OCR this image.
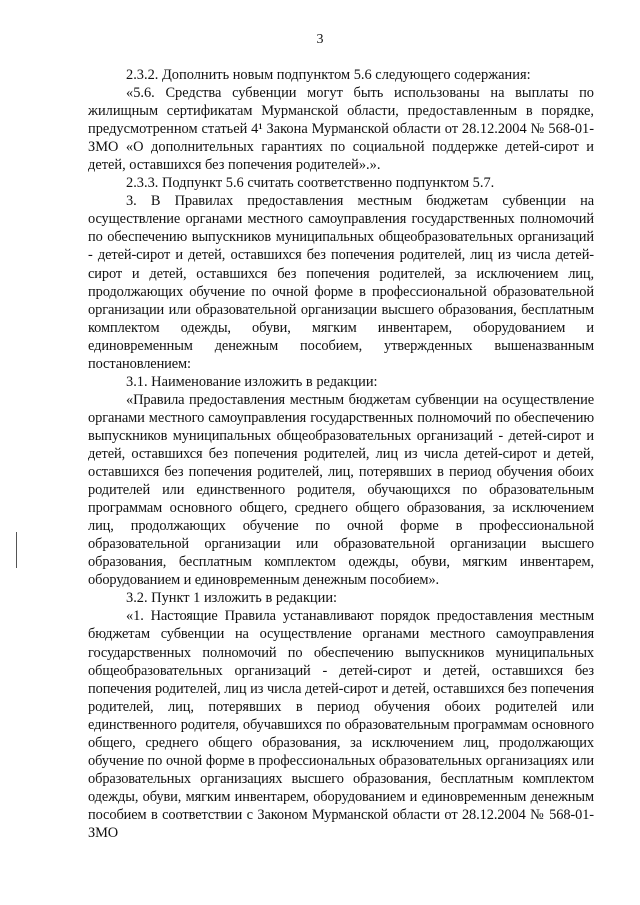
3

2.3.2. Дополнить новым подпунктом 5.6 следующего содержания:

«5.6. Средства субвенции могут быть использованы на выплаты по жилищным сертификатам Мурманской области, предоставленным в порядке, предусмотренном статьей 4¹ Закона Мурманской области от 28.12.2004 № 568-01-ЗМО «О дополнительных гарантиях по социальной поддержке детей-сирот и детей, оставшихся без попечения родителей».».

2.3.3. Подпункт 5.6 считать соответственно подпунктом 5.7.

3. В Правилах предоставления местным бюджетам субвенции на осуществление органами местного самоуправления государственных полномочий по обеспечению выпускников муниципальных общеобразовательных организаций - детей-сирот и детей, оставшихся без попечения родителей, лиц из числа детей-сирот и детей, оставшихся без попечения родителей, за исключением лиц, продолжающих обучение по очной форме в профессиональной образовательной организации или образовательной организации высшего образования, бесплатным комплектом одежды, обуви, мягким инвентарем, оборудованием и единовременным денежным пособием, утвержденных вышеназванным постановлением:

3.1. Наименование изложить в редакции:

«Правила предоставления местным бюджетам субвенции на осуществление органами местного самоуправления государственных полномочий по обеспечению выпускников муниципальных общеобразовательных организаций - детей-сирот и детей, оставшихся без попечения родителей, лиц из числа детей-сирот и детей, оставшихся без попечения родителей, лиц, потерявших в период обучения обоих родителей или единственного родителя, обучающихся по образовательным программам основного общего, среднего общего образования, за исключением лиц, продолжающих обучение по очной форме в профессиональной образовательной организации или образовательной организации высшего образования, бесплатным комплектом одежды, обуви, мягким инвентарем, оборудованием и единовременным денежным пособием».

3.2. Пункт 1 изложить в редакции:

«1. Настоящие Правила устанавливают порядок предоставления местным бюджетам субвенции на осуществление органами местного самоуправления государственных полномочий по обеспечению выпускников муниципальных общеобразовательных организаций - детей-сирот и детей, оставшихся без попечения родителей, лиц из числа детей-сирот и детей, оставшихся без попечения родителей, лиц, потерявших в период обучения обоих родителей или единственного родителя, обучавшихся по образовательным программам основного общего, среднего общего образования, за исключением лиц, продолжающих обучение по очной форме в профессиональных образовательных организациях или образовательных организациях высшего образования, бесплатным комплектом одежды, обуви, мягким инвентарем, оборудованием и единовременным денежным пособием в соответствии с Законом Мурманской области от 28.12.2004 № 568-01-ЗМО
